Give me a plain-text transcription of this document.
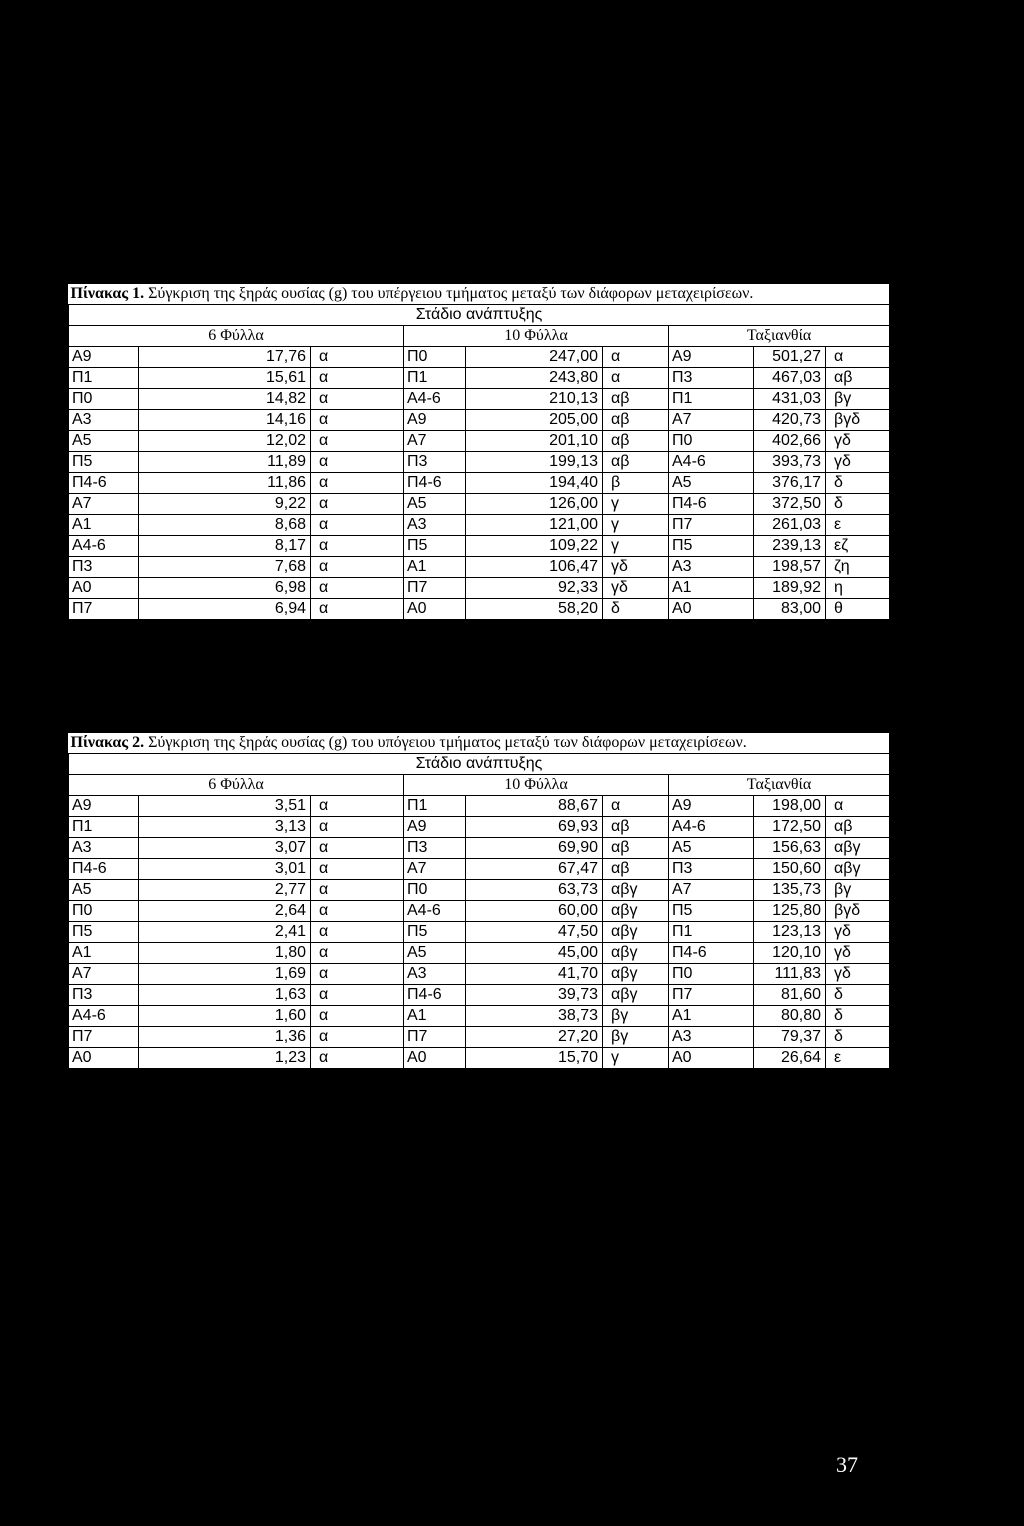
Πίνακας 1. Σύγκριση της ξηράς ουσίας (g) του υπέργειου τμήματος μεταξύ των διάφορων μεταχειρίσεων.								
Στάδιο ανάπτυξης								
6 Φύλλα			10 Φύλλα			Ταξιανθία		
Α9	17,76	α	Π0	247,00	α	Α9	501,27	α
Π1	15,61	α	Π1	243,80	α	Π3	467,03	αβ
Π0	14,82	α	Α4-6	210,13	αβ	Π1	431,03	βγ
Α3	14,16	α	Α9	205,00	αβ	Α7	420,73	βγδ
Α5	12,02	α	Α7	201,10	αβ	Π0	402,66	γδ
Π5	11,89	α	Π3	199,13	αβ	Α4-6	393,73	γδ
Π4-6	11,86	α	Π4-6	194,40	β	Α5	376,17	δ
Α7	9,22	α	Α5	126,00	γ	Π4-6	372,50	δ
Α1	8,68	α	Α3	121,00	γ	Π7	261,03	ε
Α4-6	8,17	α	Π5	109,22	γ	Π5	239,13	εζ
Π3	7,68	α	Α1	106,47	γδ	Α3	198,57	ζη
Α0	6,98	α	Π7	92,33	γδ	Α1	189,92	η
Π7	6,94	α	Α0	58,20	δ	Α0	83,00	θ
Πίνακας 2. Σύγκριση της ξηράς ουσίας (g) του υπόγειου τμήματος μεταξύ των διάφορων μεταχειρίσεων.								
Στάδιο ανάπτυξης								
6 Φύλλα			10 Φύλλα			Ταξιανθία		
Α9	3,51	α	Π1	88,67	α	Α9	198,00	α
Π1	3,13	α	Α9	69,93	αβ	Α4-6	172,50	αβ
Α3	3,07	α	Π3	69,90	αβ	Α5	156,63	αβγ
Π4-6	3,01	α	Α7	67,47	αβ	Π3	150,60	αβγ
Α5	2,77	α	Π0	63,73	αβγ	Α7	135,73	βγ
Π0	2,64	α	Α4-6	60,00	αβγ	Π5	125,80	βγδ
Π5	2,41	α	Π5	47,50	αβγ	Π1	123,13	γδ
Α1	1,80	α	Α5	45,00	αβγ	Π4-6	120,10	γδ
Α7	1,69	α	Α3	41,70	αβγ	Π0	111,83	γδ
Π3	1,63	α	Π4-6	39,73	αβγ	Π7	81,60	δ
Α4-6	1,60	α	Α1	38,73	βγ	Α1	80,80	δ
Π7	1,36	α	Π7	27,20	βγ	Α3	79,37	δ
Α0	1,23	α	Α0	15,70	γ	Α0	26,64	ε
37
